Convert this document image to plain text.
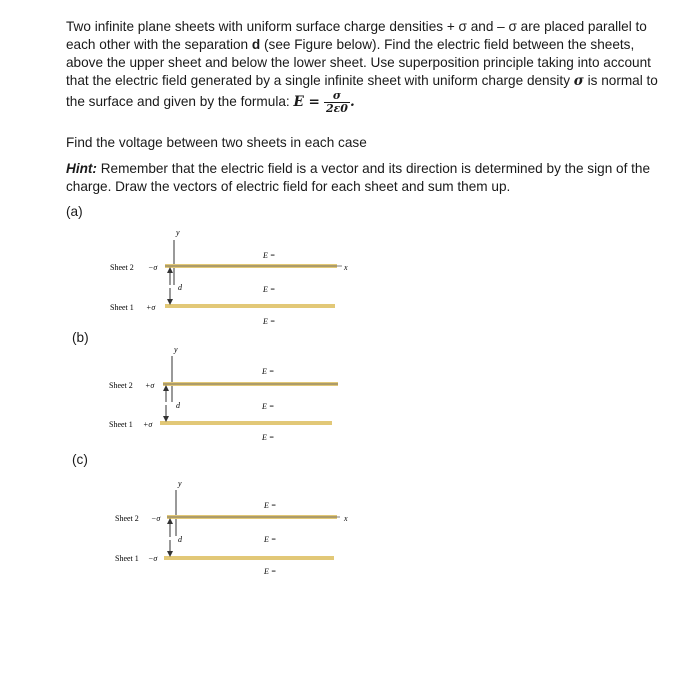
Two infinite plane sheets with uniform surface charge densities + σ and – σ are placed parallel to each other with the separation d (see Figure below). Find the electric field between the sheets, above the upper sheet and below the lower sheet. Use superposition principle taking into account that the electric field generated by a single infinite sheet with uniform charge density σ is normal to the surface and given by the formula: $E = \frac{\sigma}{2\varepsilon 0}$ .

Find the voltage between two sheets in each case

Hint: Remember that the electric field is a vector and its direction is determined by the sign of the charge. Draw the vectors of electric field for each sheet and sum them up.

(a)
(b)
(c)
y
x
d
Sheet 2 −σ
Sheet 1 +σ
E =
E =
E =
y
d
Sheet 2 +σ
Sheet 1 +σ
E =
E =
E =
y
x
d
Sheet 2 −σ
Sheet 1 −σ
E =
E =
E =
